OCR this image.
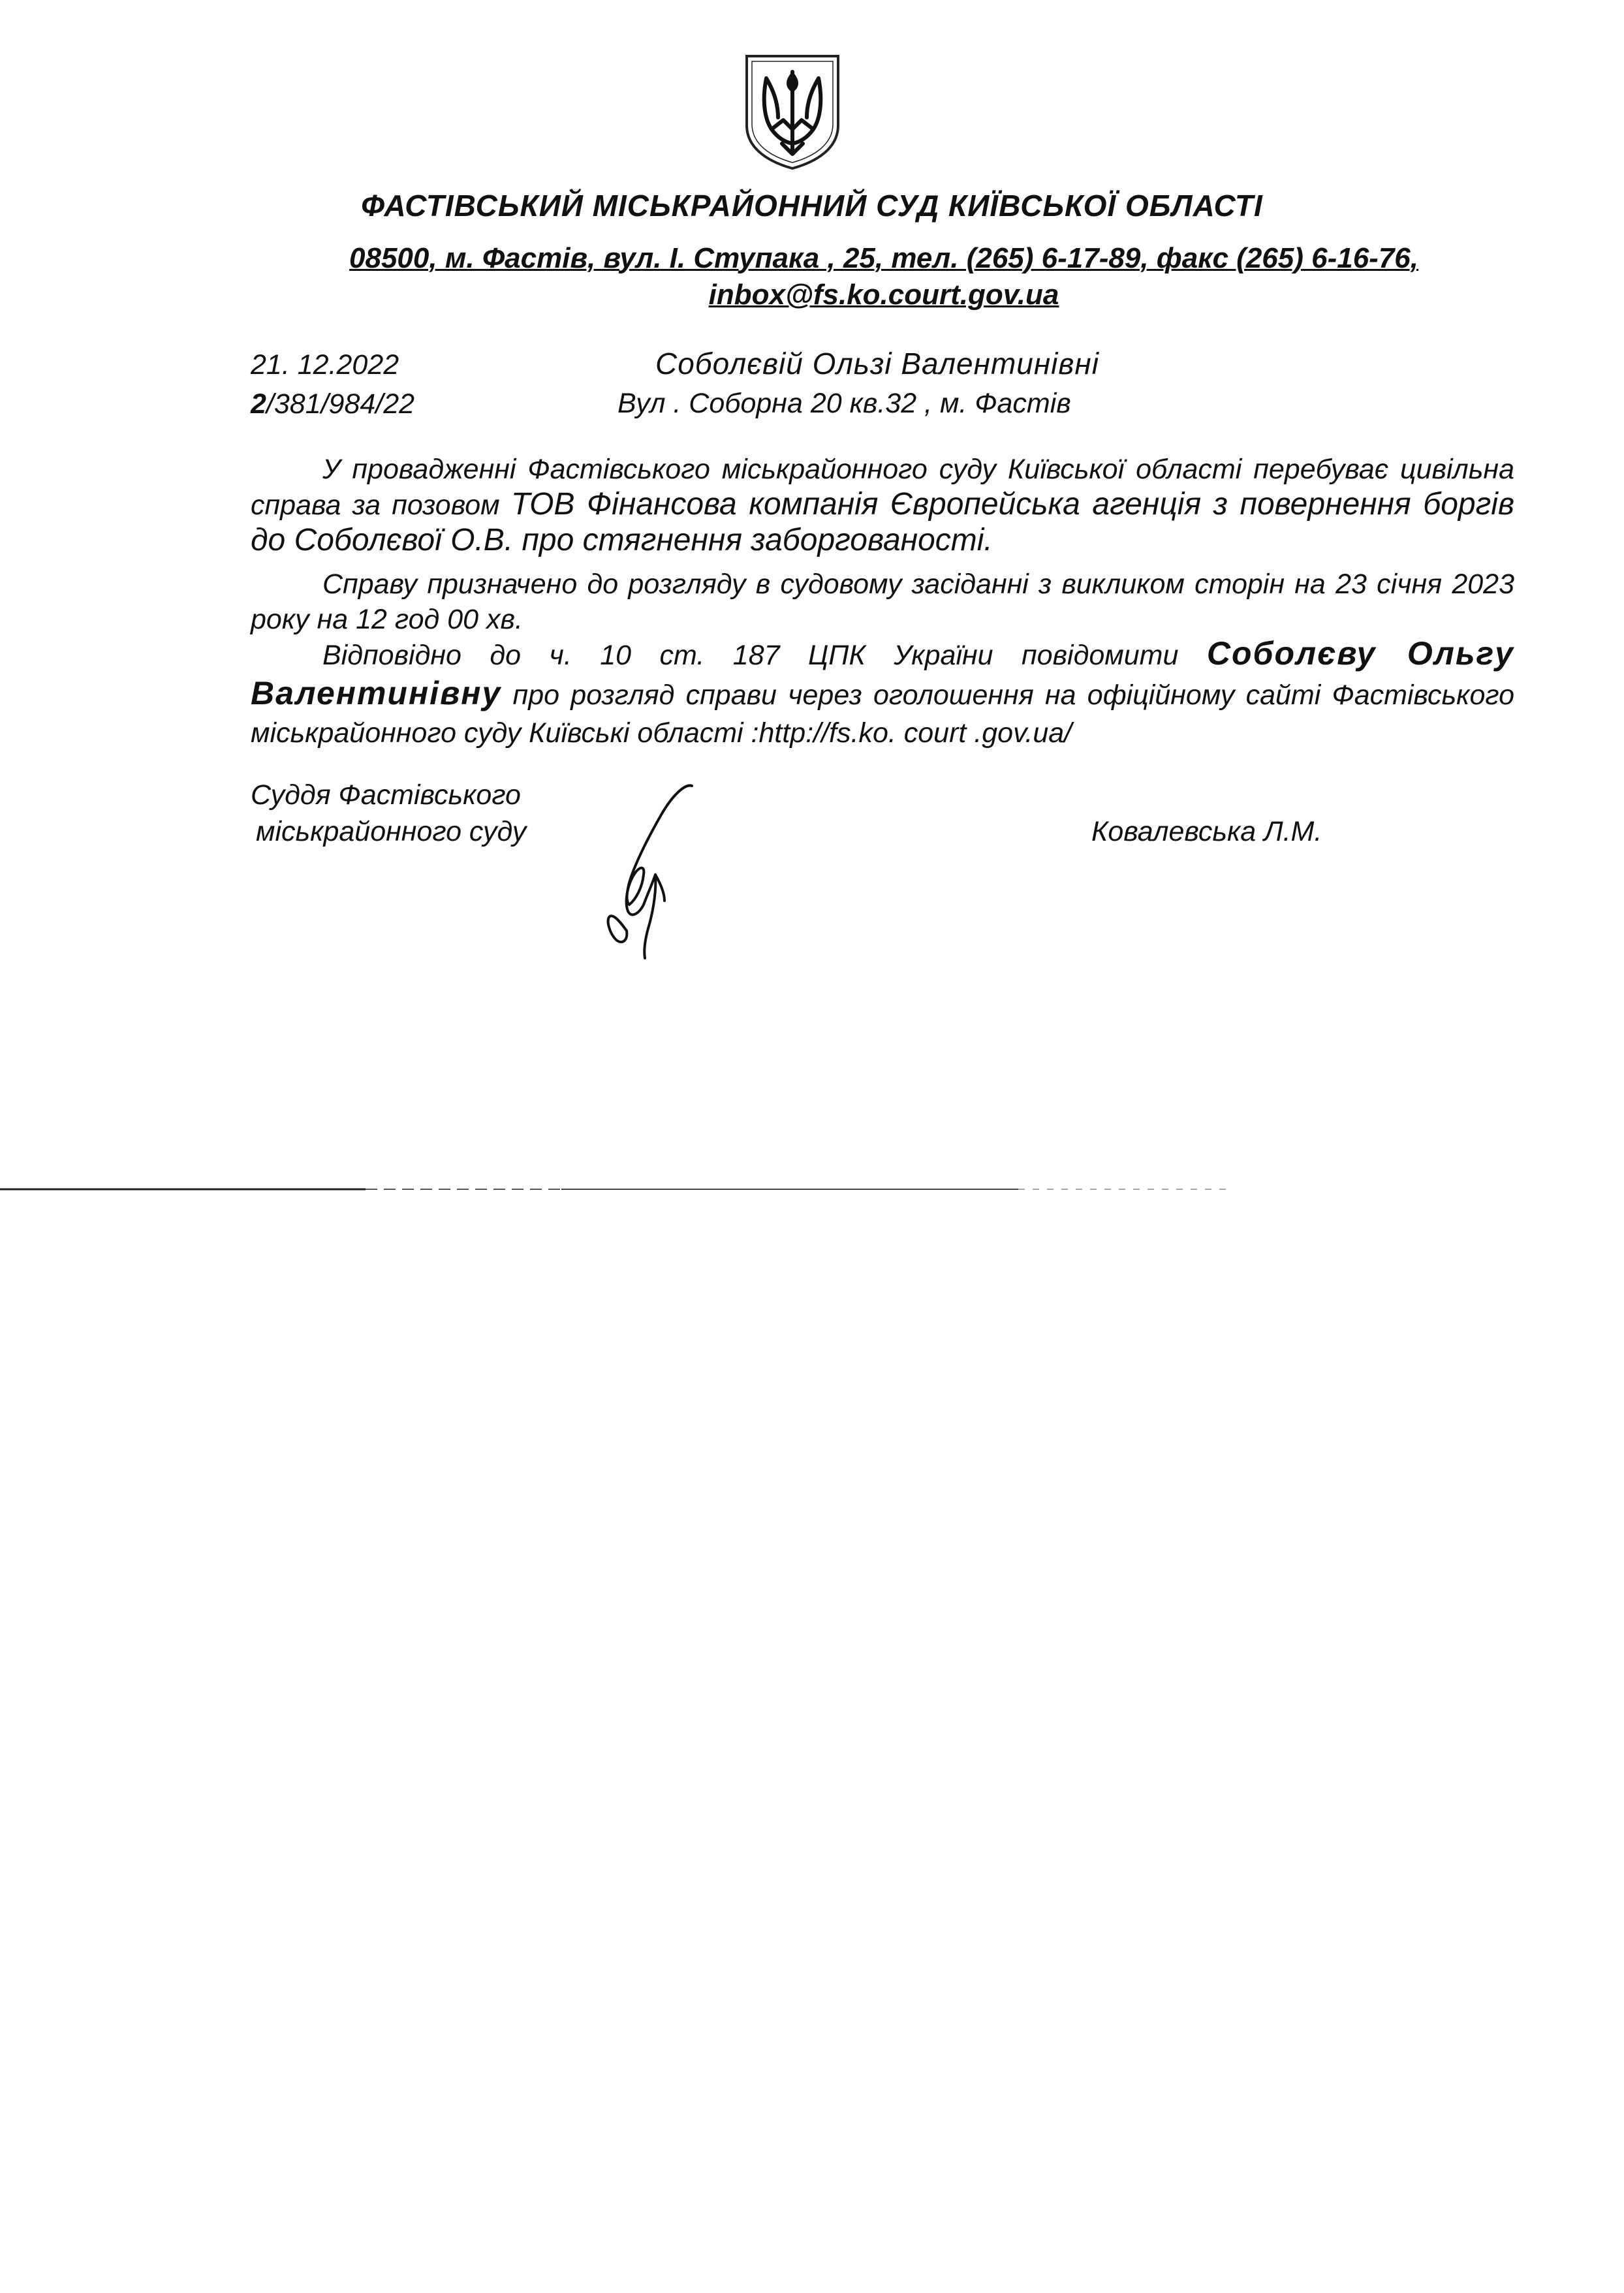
ФАСТІВСЬКИЙ МІСЬКРАЙОННИЙ СУД КИЇВСЬКОЇ ОБЛАСТІ
08500, м. Фастів, вул. І. Ступака , 25, тел. (265) 6-17-89, факс (265) 6-16-76,
inbox@fs.ko.court.gov.ua
21. 12.2022
2/381/984/22
Соболєвій Ользі Валентинівні
Вул . Соборна 20 кв.32 , м. Фастів
У провадженні Фастівського міськрайонного суду Київської області перебуває цивільна справа за позовом ТОВ Фінансова компанія Європейська агенція з повернення боргів до Соболєвої О.В. про стягнення заборгованості.
Справу призначено до розгляду в судовому засіданні з викликом сторін на 23 січня 2023 року на 12 год 00 хв.
Відповідно до ч. 10 ст. 187 ЦПК України повідомити Соболєву Ольгу Валентинівну про розгляд справи через оголошення на офіційному сайті Фастівського міськрайонного суду Київські області :http://fs.ko. court .gov.ua/
Суддя Фастівського
міськрайонного суду	Ковалевська Л.М.
